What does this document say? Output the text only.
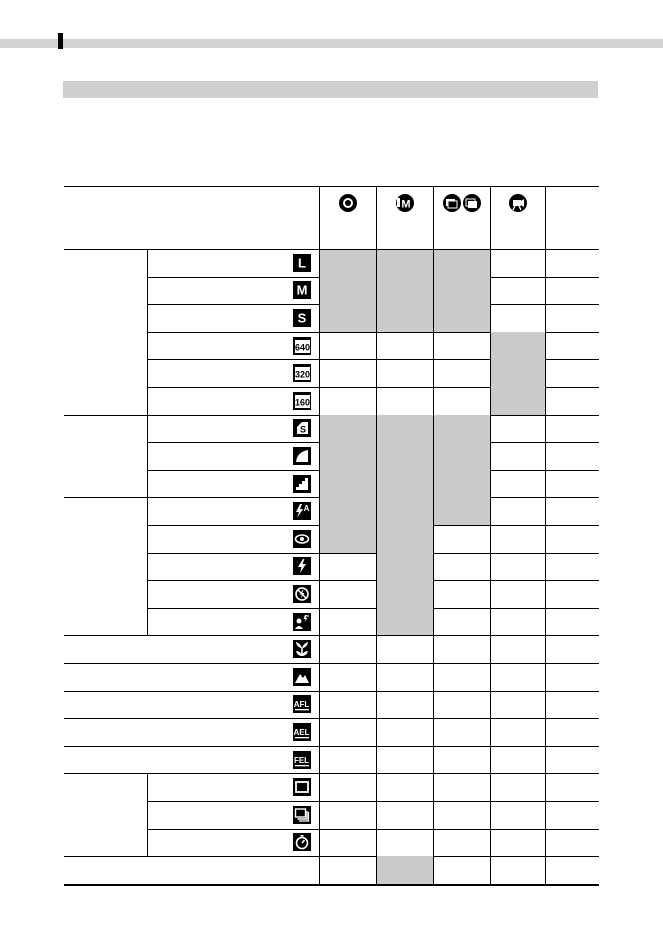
M
L
M
S
640
320
160
S
A
AFL
AEL
FEL
